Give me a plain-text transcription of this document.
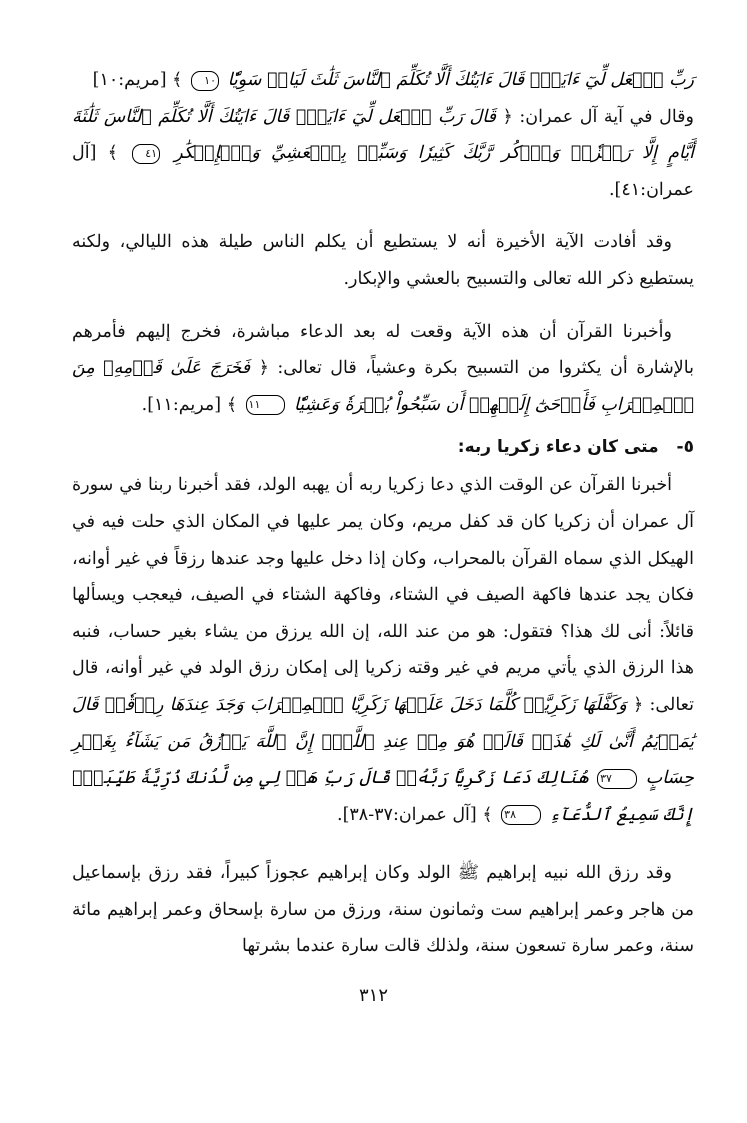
رَبِّ ٱجۡعَل لِّيٓ ءَايَةٗۚ قَالَ ءَايَتُكَ أَلَّا تُكَلِّمَ ٱلنَّاسَ ثَلَٰثَ لَيَالٖ سَوِيّٗا ١٠ ﴾ [مريم:١٠]

وقال في آية آل عمران: ﴿ قَالَ رَبِّ ٱجۡعَل لِّيٓ ءَايَةٗۖ قَالَ ءَايَتُكَ أَلَّا تُكَلِّمَ ٱلنَّاسَ ثَلَٰثَةَ أَيَّامٍ إِلَّا رَمۡزٗاۗ وَٱذۡكُر رَّبَّكَ كَثِيرٗا وَسَبِّحۡ بِٱلۡعَشِيِّ وَٱلۡإِبۡكَٰرِ ٤١ ﴾ [آل عمران:٤١].

وقد أفادت الآية الأخيرة أنه لا يستطيع أن يكلم الناس طيلة هذه الليالي، ولكنه يستطيع ذكر الله تعالى والتسبيح بالعشي والإبكار.

وأخبرنا القرآن أن هذه الآية وقعت له بعد الدعاء مباشرة، فخرج إليهم فأمرهم بالإشارة أن يكثروا من التسبيح بكرة وعشياً، قال تعالى: ﴿ فَخَرَجَ عَلَىٰ قَوۡمِهِۦ مِنَ ٱلۡمِحۡرَابِ فَأَوۡحَىٰٓ إِلَيۡهِمۡ أَن سَبِّحُواْ بُكۡرَةٗ وَعَشِيّٗا ١١ ﴾ [مريم:١١].

٥- متى كان دعاء زكريا ربه:

أخبرنا القرآن عن الوقت الذي دعا زكريا ربه أن يهبه الولد، فقد أخبرنا ربنا في سورة آل عمران أن زكريا كان قد كفل مريم، وكان يمر عليها في المكان الذي حلت فيه في الهيكل الذي سماه القرآن بالمحراب، وكان إذا دخل عليها وجد عندها رزقاً في غير أوانه، فكان يجد عندها فاكهة الصيف في الشتاء، وفاكهة الشتاء في الصيف، فيعجب ويسألها قائلاً: أنى لك هذا؟ فتقول: هو من عند الله، إن الله يرزق من يشاء بغير حساب، فنبه هذا الرزق الذي يأتي مريم في غير وقته زكريا إلى إمكان رزق الولد في غير أوانه، قال تعالى: ﴿ وَكَفَّلَهَا زَكَرِيَّاۖ كُلَّمَا دَخَلَ عَلَيۡهَا زَكَرِيَّا ٱلۡمِحۡرَابَ وَجَدَ عِندَهَا رِزۡقٗاۖ قَالَ يَٰمَرۡيَمُ أَنَّىٰ لَكِ هَٰذَاۖ قَالَتۡ هُوَ مِنۡ عِندِ ٱللَّهِۖ إِنَّ ٱللَّهَ يَرۡزُقُ مَن يَشَآءُ بِغَيۡرِ حِسَابٍ ٣٧ هُنَالِكَ دَعَا زَكَرِيَّا رَبَّهُۥۖ قَالَ رَبِّ هَبۡ لِي مِن لَّدُنكَ ذُرِّيَّةٗ طَيِّبَةًۖ إِنَّكَ سَمِيعُ ٱلدُّعَآءِ ٣٨ ﴾ [آل عمران:٣٧-٣٨].

وقد رزق الله نبيه إبراهيم ﷺ الولد وكان إبراهيم عجوزاً كبيراً، فقد رزق بإسماعيل من هاجر وعمر إبراهيم ست وثمانون سنة، ورزق من سارة بإسحاق وعمر إبراهيم مائة سنة، وعمر سارة تسعون سنة، ولذلك قالت سارة عندما بشرتها

٣١٢
